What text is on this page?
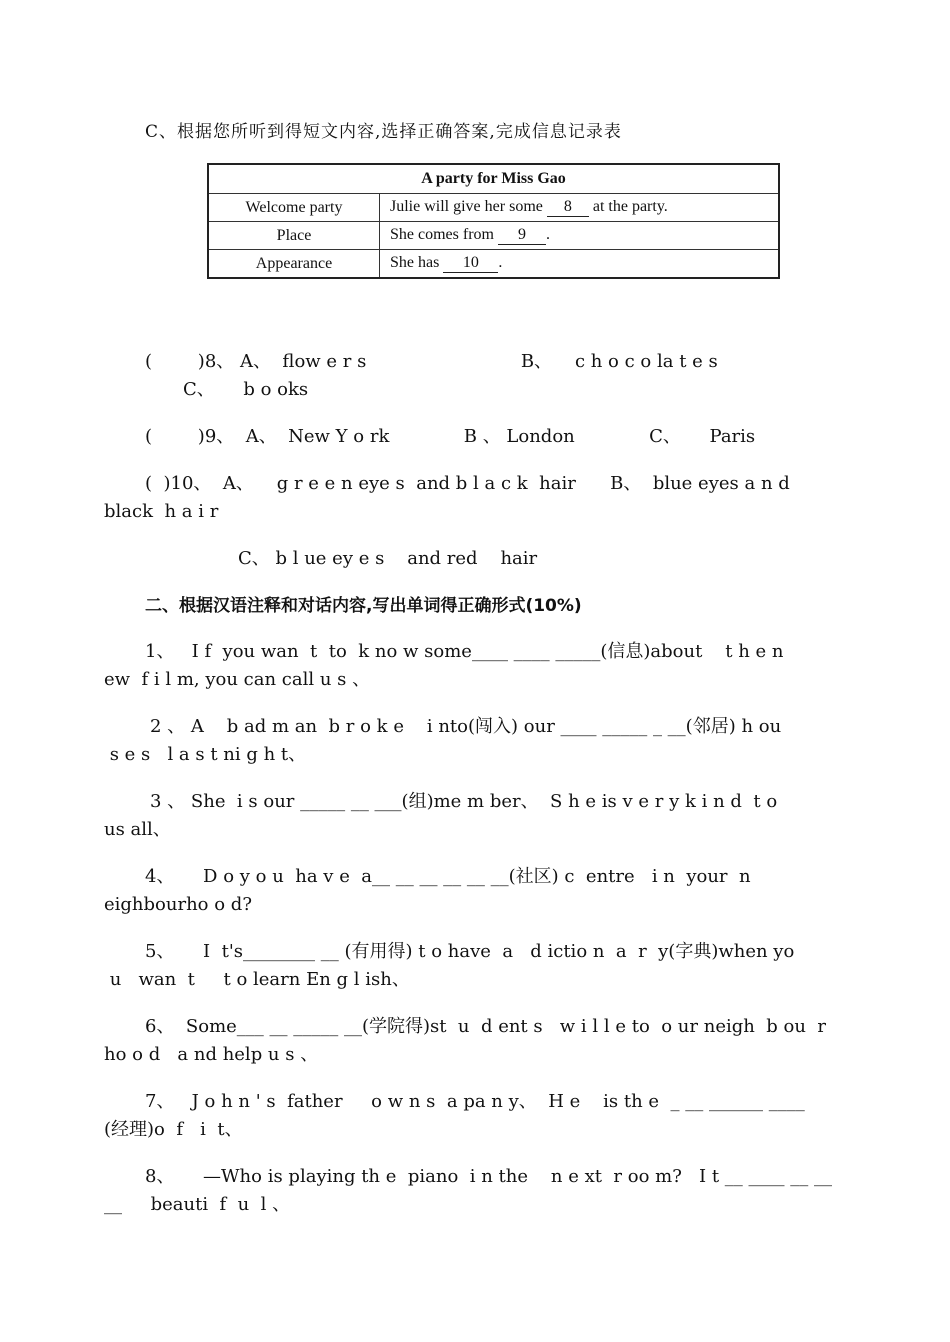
C、根据您所听到得短文内容,选择正确答案,完成信息记录表
A party for Miss Gao	
Welcome party	Julie will give her some 8 at the party.
Place	She comes from 9 .
Appearance	She has 10 .
(        )8、 A、  flow e r s                           B、    c h o c o la t e s
C、     b o oks
(        )9、  A、  New Y o rk             B 、 London             C、     Paris
(  )10、  A、    g r e e n eye s  and b l a c k  hair      B、  blue eyes a n d
black  h a i r
C、 b l ue ey e s    and red    hair
二、根据汉语注释和对话内容,写出单词得正确形式(10%)
1、   I f  you wan  t  to  k no w some____ ____ _____(信息)about    t h e n
ew  f i l m, you can call u s 、
2 、 A    b ad m an  b r o k e    i nto(闯入) our ____ _____ _ __(邻居) h ou
s e s   l a s t ni g h t、
3 、 She  i s our _____ __ ___(组)me m ber、  S h e is v e r y k i n d  t o
us all、
4、     D o y o u  ha v e  a__ __ __ __ __ __(社区) c  entre   i n  your  n
eighbourho o d?
5、     I  t's________ __ (有用得) t o have  a   d ictio n  a  r  y(字典)when yo
u   wan  t     t o learn En g l ish、
6、  Some___ __ _____ __(学院得)st  u  d ent s   w i l l e to  o ur neigh  b ou  r
ho o d   a nd help u s 、
7、   J o h n ' s  father     o w n s  a pa n y、  H e    is th e  _ __ ______ ____
(经理)o  f   i  t、
8、     —Who is playing th e  piano  i n the    n e xt  r oo m?   I t __ ____ __ __
__     beauti  f  u  l 、
